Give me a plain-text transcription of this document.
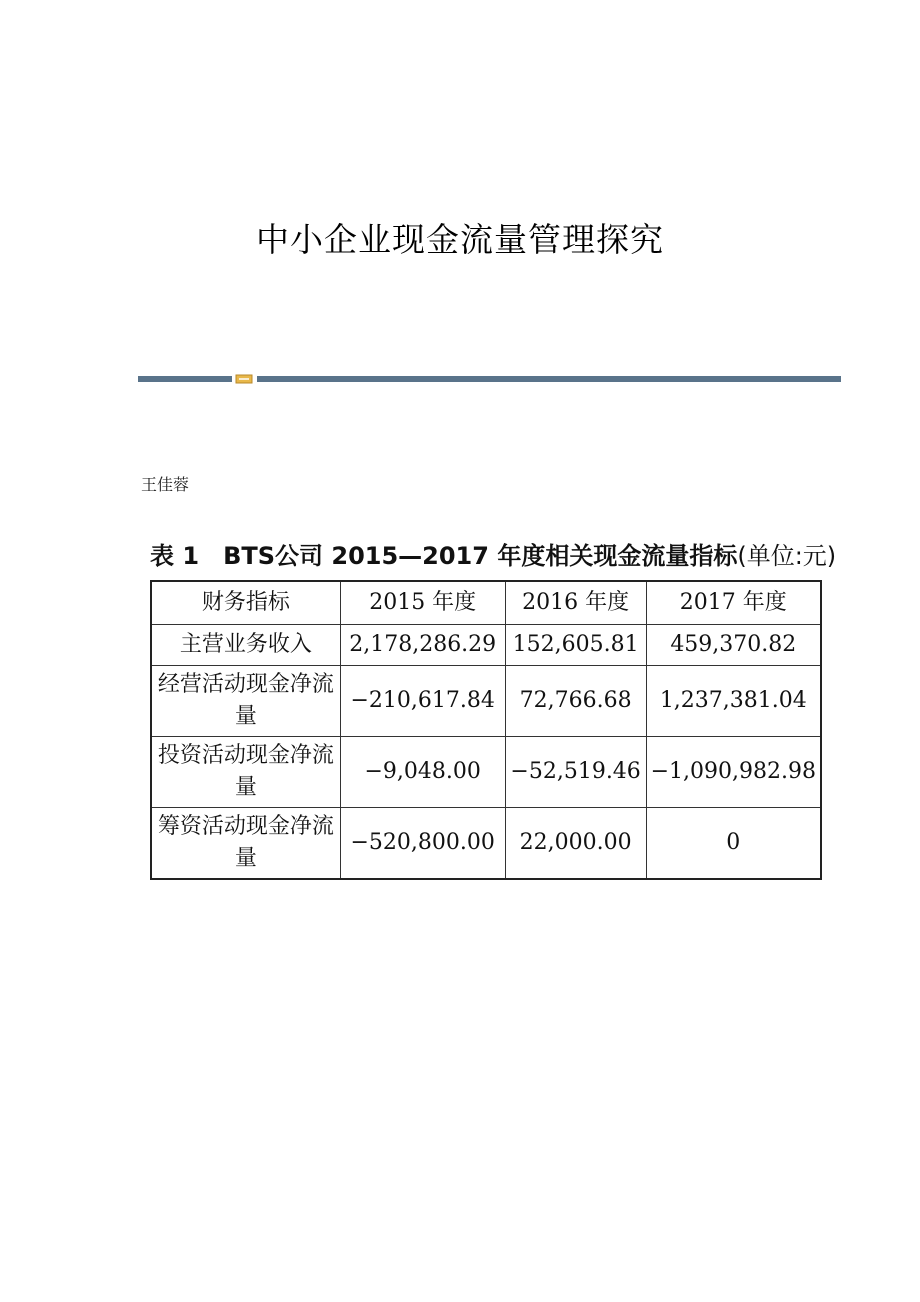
中小企业现金流量管理探究
王佳蓉
表 1 BTS公司 2015—2017 年度相关现金流量指标(单位:元)
财务指标	2015 年度	2016 年度	2017 年度
主营业务收入	2,178,286.29	152,605.81	459,370.82
经营活动现金净流量	−210,617.84	72,766.68	1,237,381.04
投资活动现金净流量	−9,048.00	−52,519.46	−1,090,982.98
筹资活动现金净流量	−520,800.00	22,000.00	0
